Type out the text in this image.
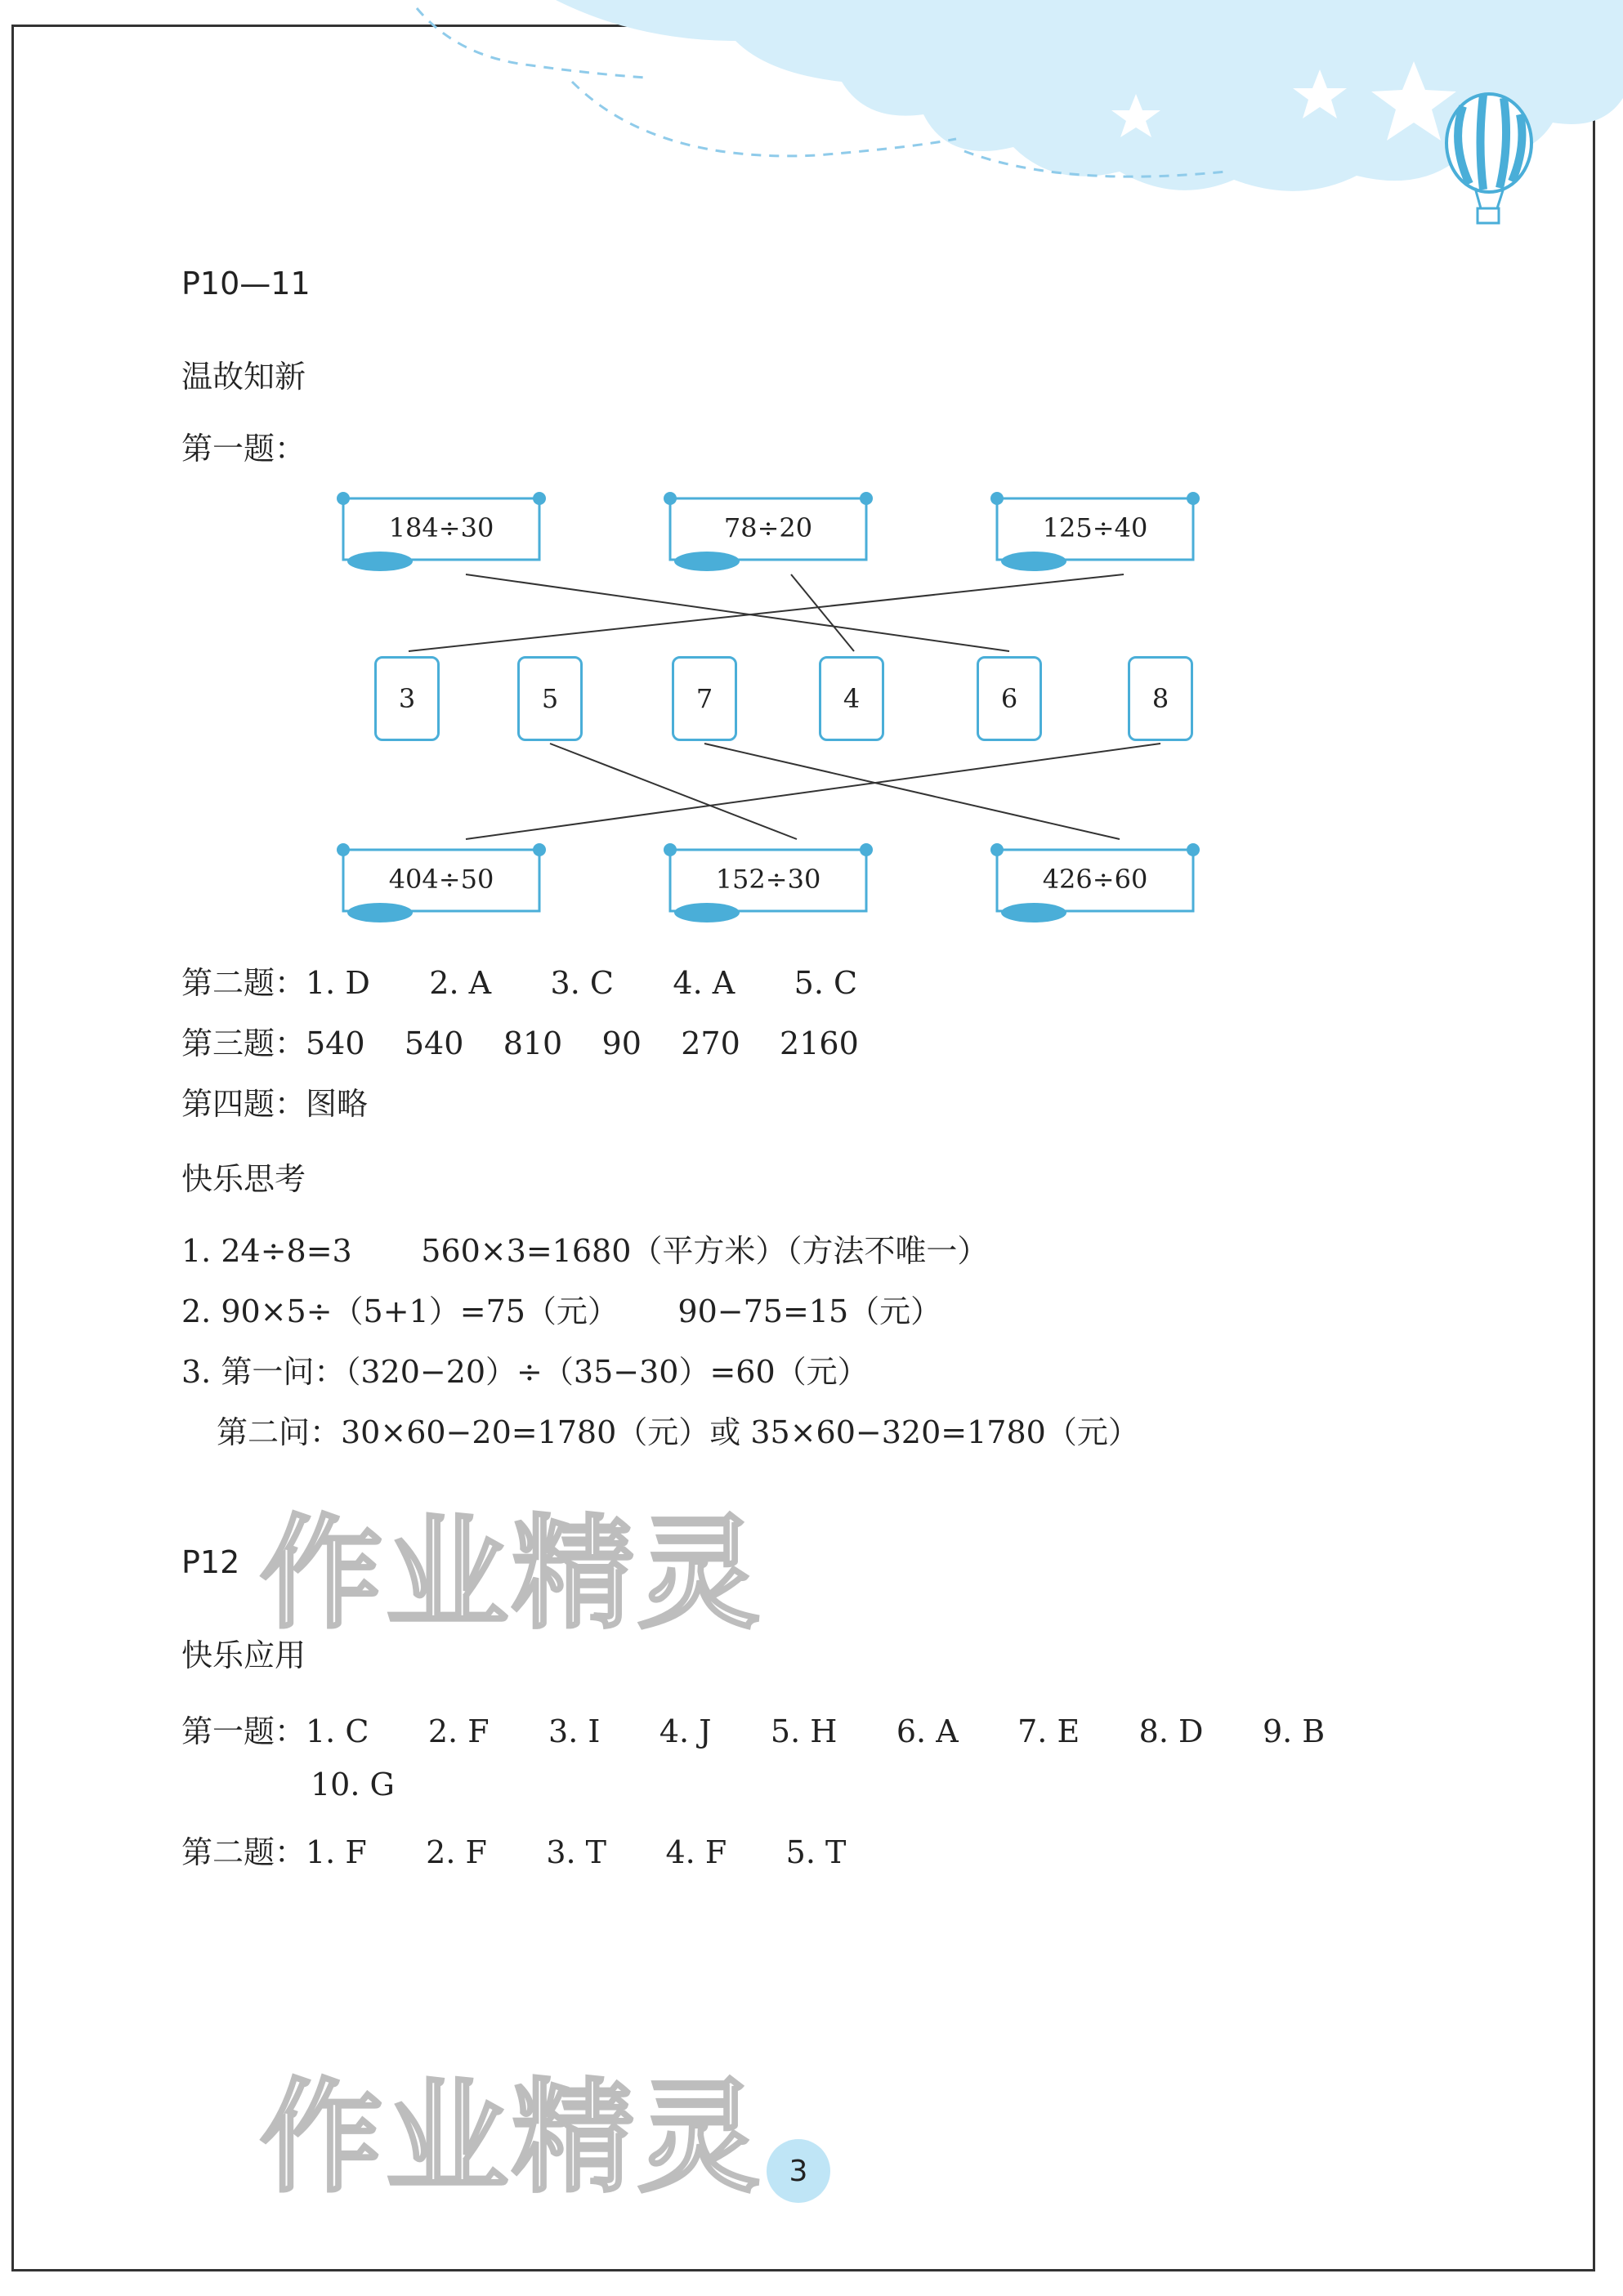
P10—11
温故知新
第一题：
184÷30	78÷20	125÷40
3	5	7	4	6	8
404÷50	152÷30	426÷60
第二题：1. D      2. A      3. C      4. A      5. C
第三题：540    540    810    90    270    2160
第四题：图略
快乐思考
1. 24÷8=3       560×3=1680（平方米）（方法不唯一）
2. 90×5÷（5+1）=75（元）      90−75=15（元）
3. 第一问：（320−20）÷（35−30）=60（元）
第二问：30×60−20=1780（元）或 35×60−320=1780（元）
作业精灵
P12
快乐应用
第一题：1. C      2. F      3. I      4. J      5. H      6. A      7. E      8. D      9. B
10. G
第二题：1. F      2. F      3. T      4. F      5. T
作业精灵 3
